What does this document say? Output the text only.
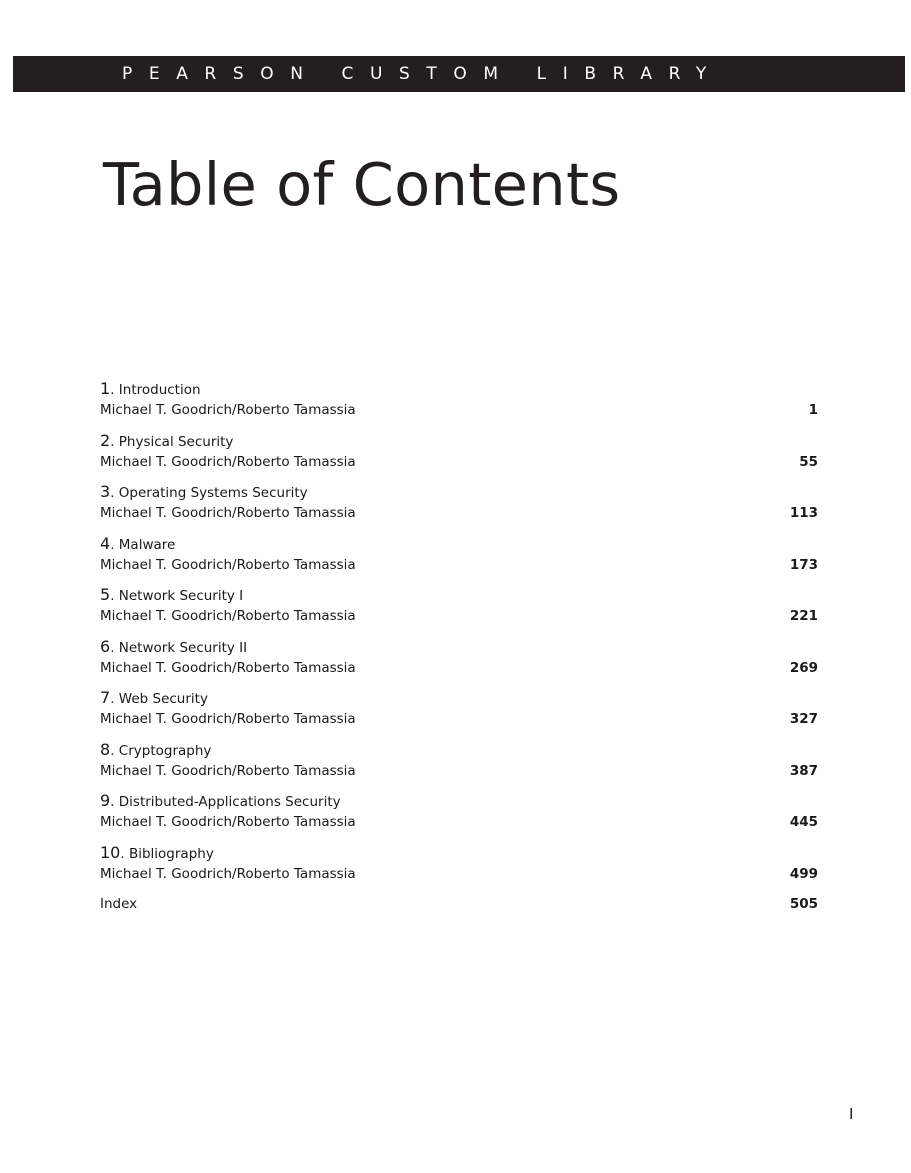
PEARSON CUSTOM LIBRARY
Table of Contents
1. Introduction
Michael T. Goodrich/Roberto Tamassia	1
2. Physical Security
Michael T. Goodrich/Roberto Tamassia	55
3. Operating Systems Security
Michael T. Goodrich/Roberto Tamassia	113
4. Malware
Michael T. Goodrich/Roberto Tamassia	173
5. Network Security I
Michael T. Goodrich/Roberto Tamassia	221
6. Network Security II
Michael T. Goodrich/Roberto Tamassia	269
7. Web Security
Michael T. Goodrich/Roberto Tamassia	327
8. Cryptography
Michael T. Goodrich/Roberto Tamassia	387
9. Distributed-Applications Security
Michael T. Goodrich/Roberto Tamassia	445
10. Bibliography
Michael T. Goodrich/Roberto Tamassia	499
Index	505
I
